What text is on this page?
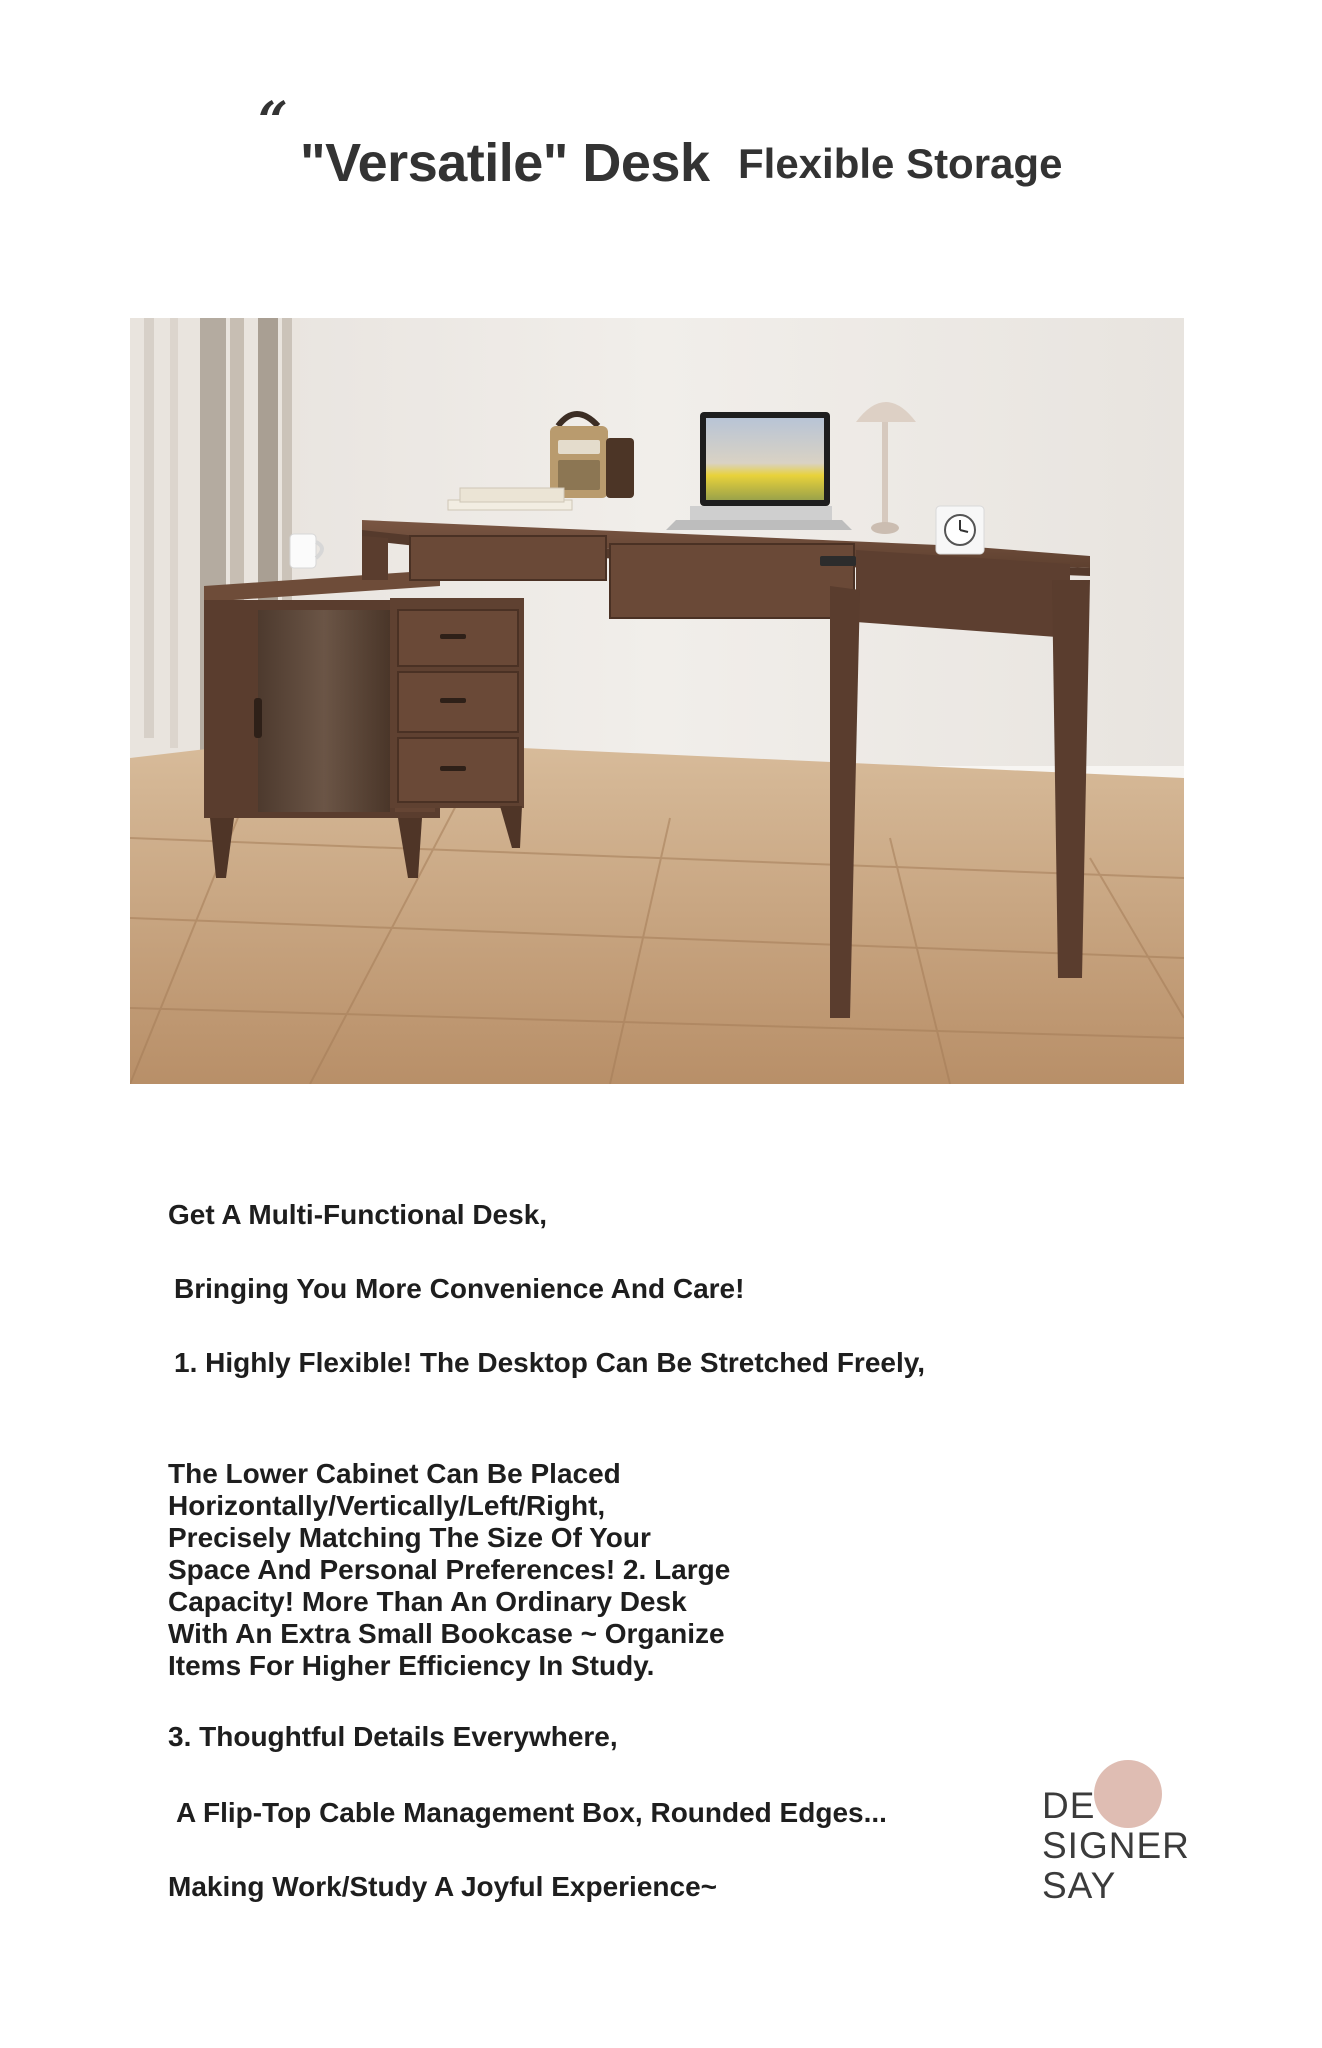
“
"Versatile" Desk Flexible Storage
Get A Multi-Functional Desk,
Bringing You More Convenience And Care!
1. Highly Flexible! The Desktop Can Be Stretched Freely,
The Lower Cabinet Can Be Placed
Horizontally/Vertically/Left/Right,
Precisely Matching The Size Of Your
Space And Personal Preferences! 2. Large
Capacity! More Than An Ordinary Desk
With An Extra Small Bookcase ~ Organize
Items For Higher Efficiency In Study.
3. Thoughtful Details Everywhere,
A Flip-Top Cable Management Box, Rounded Edges...
Making Work/Study A Joyful Experience~
DE
SIGNER
SAY
